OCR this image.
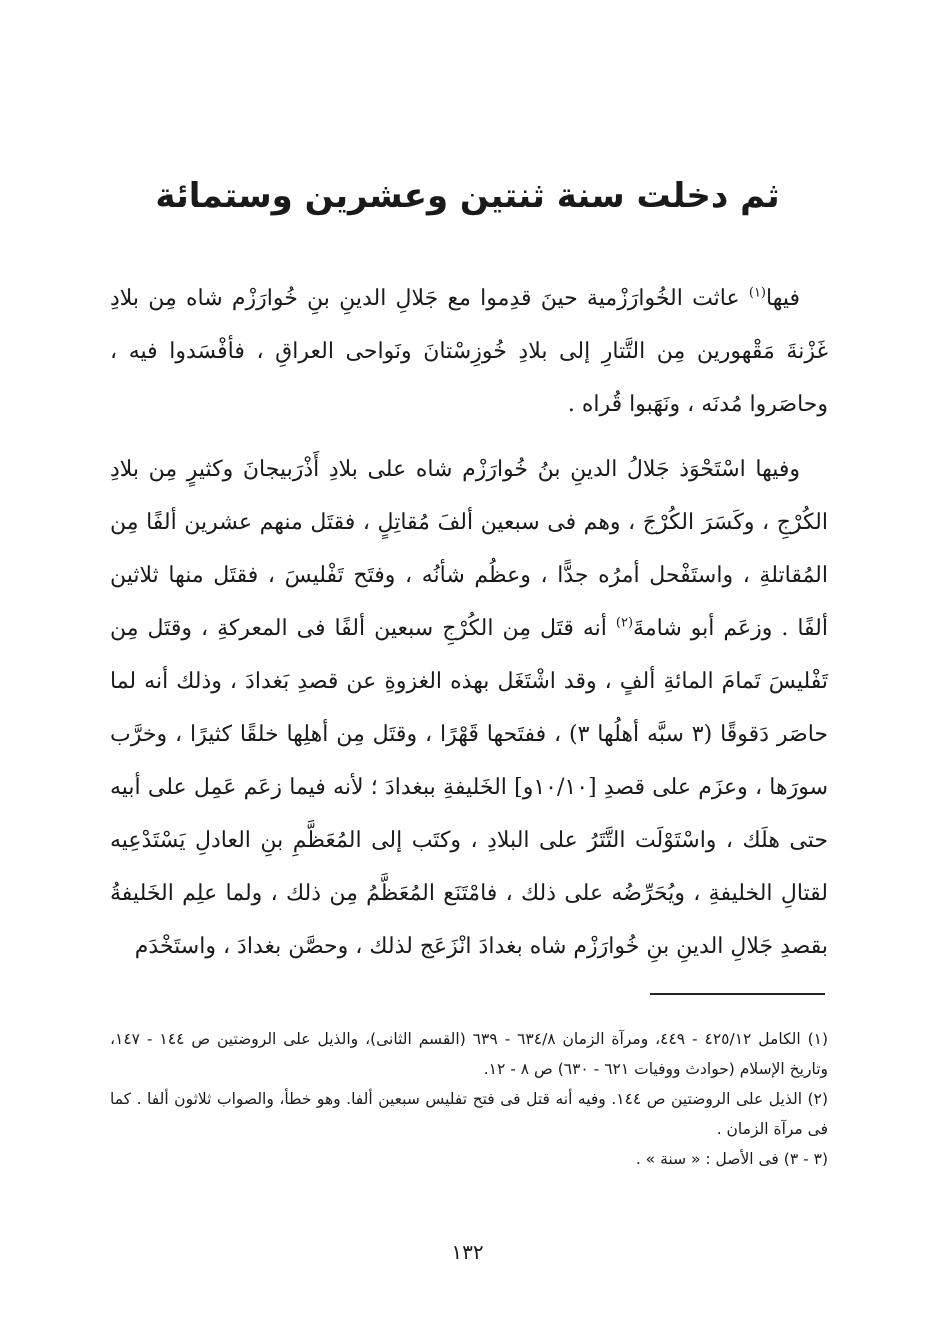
ثم دخلت سنة ثنتين وعشرين وستمائة

فيها$^{(١)}$ عاثت الخُوارَزْمية حينَ قدِموا مع جَلالِ الدينِ بنِ خُوارَزْم شاه مِن بلادِ غَزْنةَ مَقْهورين مِن التَّتارِ إلى بلادِ خُوزِسْتانَ ونَواحى العراقِ ، فأفْسَدوا فيه ، وحاصَروا مُدنَه ، ونَهَبوا قُراه .

وفيها اسْتَحْوَذ جَلالُ الدينِ بنُ خُوارَزْم شاه على بلادِ أَذْرَبيجانَ وكثيرٍ مِن بلادِ الكُرْجِ ، وكَسَرَ الكُرْجَ ، وهم فى سبعين ألفَ مُقاتِلٍ ، فقتَل منهم عشرين ألفًا مِن المُقاتلةِ ، واستَفْحل أمرُه جدًّا ، وعظُم شأنُه ، وفتَح تَفْليسَ ، فقتَل منها ثلاثين ألفًا . وزعَم أبو شامةَ$^{(٢)}$ أنه قتَل مِن الكُرْجِ سبعين ألفًا فى المعركةِ ، وقتَل مِن تَفْليسَ تَمامَ المائةِ ألفٍ ، وقد اشْتَغَل بهذه الغزوةِ عن قصدِ بَغدادَ ، وذلك أنه لما حاصَر دَقوقًا (٣ سبَّه أهلُها ٣) ، ففتَحها قَهْرًا ، وقتَل مِن أهلِها خلقًا كثيرًا ، وخرَّب سورَها ، وعزَم على قصدِ [١٠/١٠و] الخَليفةِ ببغدادَ ؛ لأنه فيما زعَم عَمِل على أبيه حتى هلَك ، واسْتَوْلَت التَّتَرُ على البلادِ ، وكتَب إلى المُعَظَّمِ بنِ العادلِ يَسْتَدْعِيه لقتالِ الخليفةِ ، ويُحَرِّضُه على ذلك ، فامْتَنَع المُعَظَّمُ مِن ذلك ، ولما علِم الخَليفةُ بقصدِ جَلالِ الدينِ بنِ خُوارَزْم شاه بغدادَ انْزَعَج لذلك ، وحصَّن بغدادَ ، واستَخْدَم

(١) الكامل ٤٢٥/١٢ - ٤٤٩، ومرآة الزمان ٦٣٤/٨ - ٦٣٩ (القسم الثانى)، والذيل على الروضتين ص ١٤٤ - ١٤٧، وتاريخ الإسلام (حوادث ووفيات ٦٢١ - ٦٣٠) ص ٨ - ١٢.

(٢) الذيل على الروضتين ص ١٤٤. وفيه أنه قتل فى فتح تفليس سبعين ألفا. وهو خطأ، والصواب ثلاثون ألفا . كما فى مرآة الزمان .

(٣ - ٣) فى الأصل : « سنة » .

١٣٢
